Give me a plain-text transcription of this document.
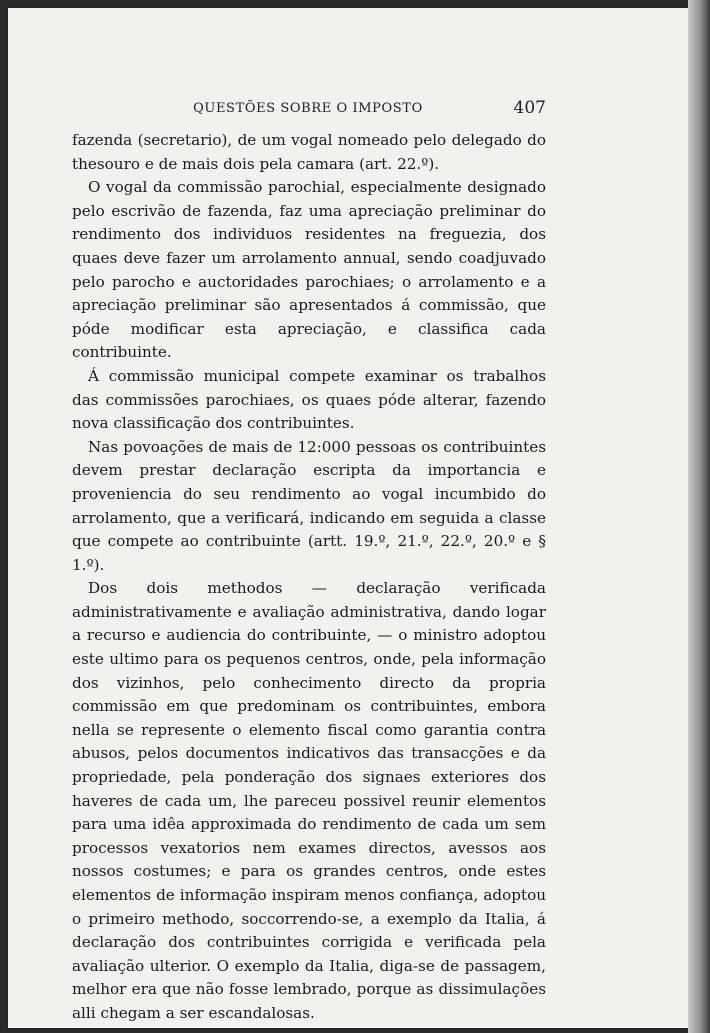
QUESTÕES SOBRE O IMPOSTO	407

fazenda (secretario), de um vogal nomeado pelo delegado do thesouro e de mais dois pela camara (art. 22.º).

O vogal da commissão parochial, especialmente designado pelo escrivão de fazenda, faz uma apreciação preliminar do rendimento dos individuos residentes na freguezia, dos quaes deve fazer um arrolamento annual, sendo coadjuvado pelo parocho e auctoridades parochiaes; o arrolamento e a apreciação preliminar são apresentados á commissão, que póde modificar esta apreciação, e classifica cada contribuinte.

Á commissão municipal compete examinar os trabalhos das commissões parochiaes, os quaes póde alterar, fazendo nova classificação dos contribuintes.

Nas povoações de mais de 12:000 pessoas os contribuintes devem prestar declaração escripta da importancia e proveniencia do seu rendimento ao vogal incumbido do arrolamento, que a verificará, indicando em seguida a classe que compete ao contribuinte (artt. 19.º, 21.º, 22.º, 20.º e § 1.º).

Dos dois methodos — declaração verificada administrativamente e avaliação administrativa, dando logar a recurso e audiencia do contribuinte, — o ministro adoptou este ultimo para os pequenos centros, onde, pela informação dos vizinhos, pelo conhecimento directo da propria commissão em que predominam os contribuintes, embora nella se represente o elemento fiscal como garantia contra abusos, pelos documentos indicativos das transacções e da propriedade, pela ponderação dos signaes exteriores dos haveres de cada um, lhe pareceu possivel reunir elementos para uma idêa approximada do rendimento de cada um sem processos vexatorios nem exames directos, avessos aos nossos costumes; e para os grandes centros, onde estes elementos de informação inspiram menos confiança, adoptou o primeiro methodo, soccorrendo-se, a exemplo da Italia, á declaração dos contribuintes corrigida e verificada pela avaliação ulterior. O exemplo da Italia, diga-se de passagem, melhor era que não fosse lembrado, porque as dissimulações alli chegam a ser escandalosas.
